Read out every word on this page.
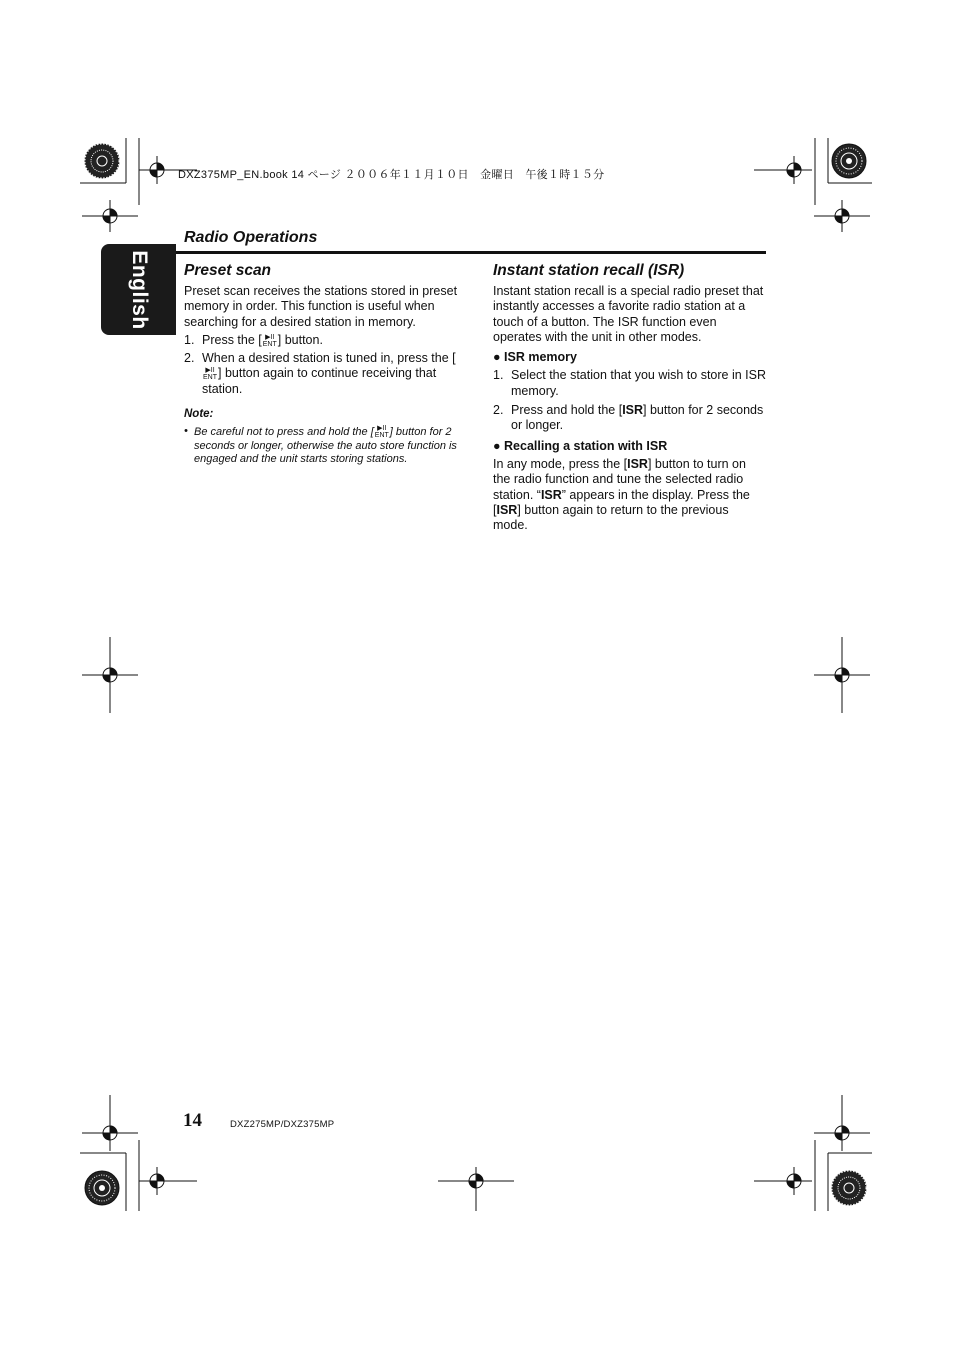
DXZ375MP_EN.book 14 ページ ２００６年１１月１０日　金曜日　午後１時１５分
English
Radio Operations
Preset scan

Preset scan receives the stations stored in preset memory in order. This function is useful when searching for a desired station in memory.

1. Press the [ ▶II
ENT ] button.
2. When a desired station is tuned in, press the [
▶II
ENT ] button again to continue receiving that station.
Note:
• Be careful not to press and hold the [ ▶II
ENT ] button for 2 seconds or longer, otherwise the auto store function is engaged and the unit starts storing stations.
Instant station recall (ISR)

Instant station recall is a special radio preset that instantly accesses a favorite radio station at a touch of a button. The ISR function even operates with the unit in other modes.

● ISR memory
1. Select the station that you wish to store in ISR memory.
2. Press and hold the [ISR] button for 2 seconds or longer.
● Recalling a station with ISR

In any mode, press the [ISR] button to turn on the radio function and tune the selected radio station. “ISR” appears in the display. Press the [ISR] button again to return to the previous mode.

14	DXZ275MP/DXZ375MP
